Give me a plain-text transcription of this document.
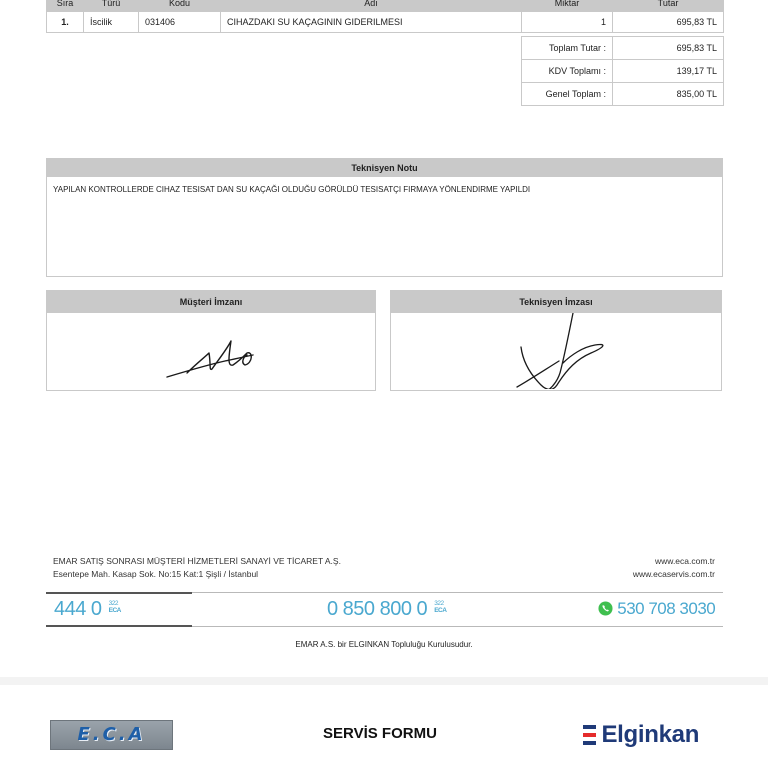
Sıra	Türü	Kodu	Adı		Miktar	Tutar
1.	İscilik	031406	CIHAZDAKI SU KAÇAGININ GIDERILMESI		1	695,83 TL
Toplam Tutar :	695,83 TL
KDV Toplamı :	139,17 TL
Genel Toplam :	835,00 TL
Teknisyen Notu
YAPILAN KONTROLLERDE CIHAZ TESISAT DAN SU KAÇAĞI OLDUĞU GÖRÜLDÜ TESISATÇI FIRMAYA YÖNLENDIRME YAPILDI
Müşteri İmzanı	Teknisyen İmzası
EMAR SATIŞ SONRASI MÜŞTERİ HİZMETLERİ SANAYİ VE TİCARET A.Ş.
Esentepe Mah. Kasap Sok. No:15 Kat:1 Şişli / İstanbul
www.eca.com.tr
www.ecaservis.com.tr
444 0 322
ECA	0 850 800 0 322
ECA	530 708 3030
EMAR A.S. bir ELGINKAN Topluluğu Kurulusudur.
E.C.A	SERVİS FORMU	Elginkan
